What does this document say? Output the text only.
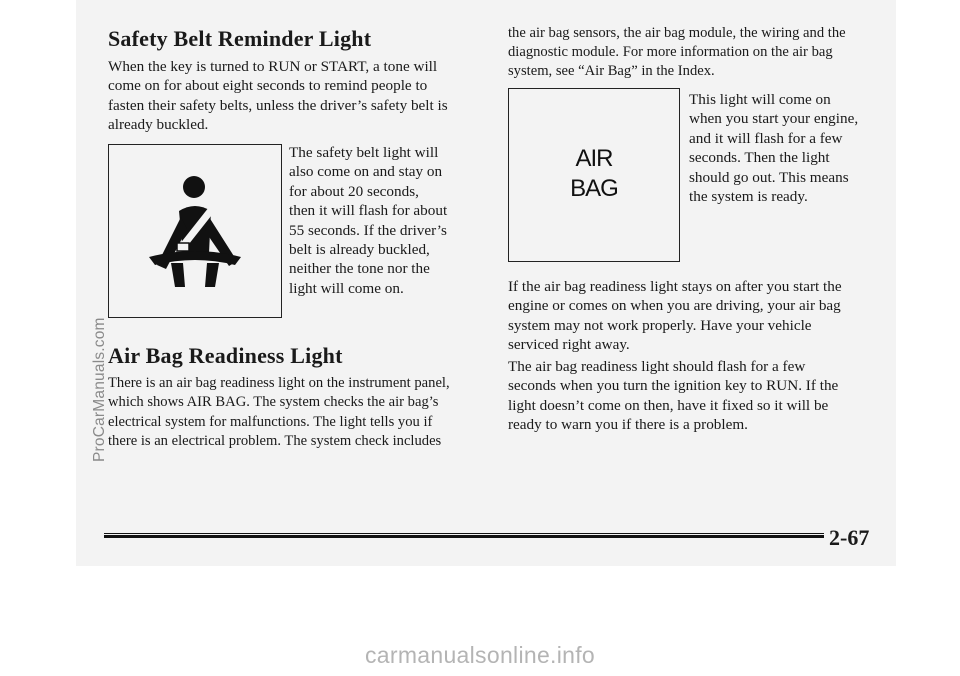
Safety Belt Reminder Light
When the key is turned to RUN or START, a tone will
come on for about eight seconds to remind people to
fasten their safety belts, unless the driver’s safety belt is
already buckled.
The safety belt light will
also come on and stay on
for about 20 seconds,
then it will flash for about
55 seconds. If the driver’s
belt is already buckled,
neither the tone nor the
light will come on.
Air Bag Readiness Light
There is an air bag readiness light on the instrument panel,
which shows AIR BAG. The system checks the air bag’s
electrical system for malfunctions. The light tells you if
there is an electrical problem. The system check includes
the air bag sensors, the air bag module, the wiring and the
diagnostic module. For more information on the air bag
system, see “Air Bag” in the Index.
AIR
BAG
This light will come on
when you start your engine,
and it will flash for a few
seconds. Then the light
should go out. This means
the system is ready.
If the air bag readiness light stays on after you start the
engine or comes on when you are driving, your air bag
system may not work properly. Have your vehicle
serviced right away.
The air bag readiness light should flash for a few
seconds when you turn the ignition key to RUN. If the
light doesn’t come on then, have it fixed so it will be
ready to warn you if there is a problem.
2-67
ProCarManuals.com
carmanualsonline.info
